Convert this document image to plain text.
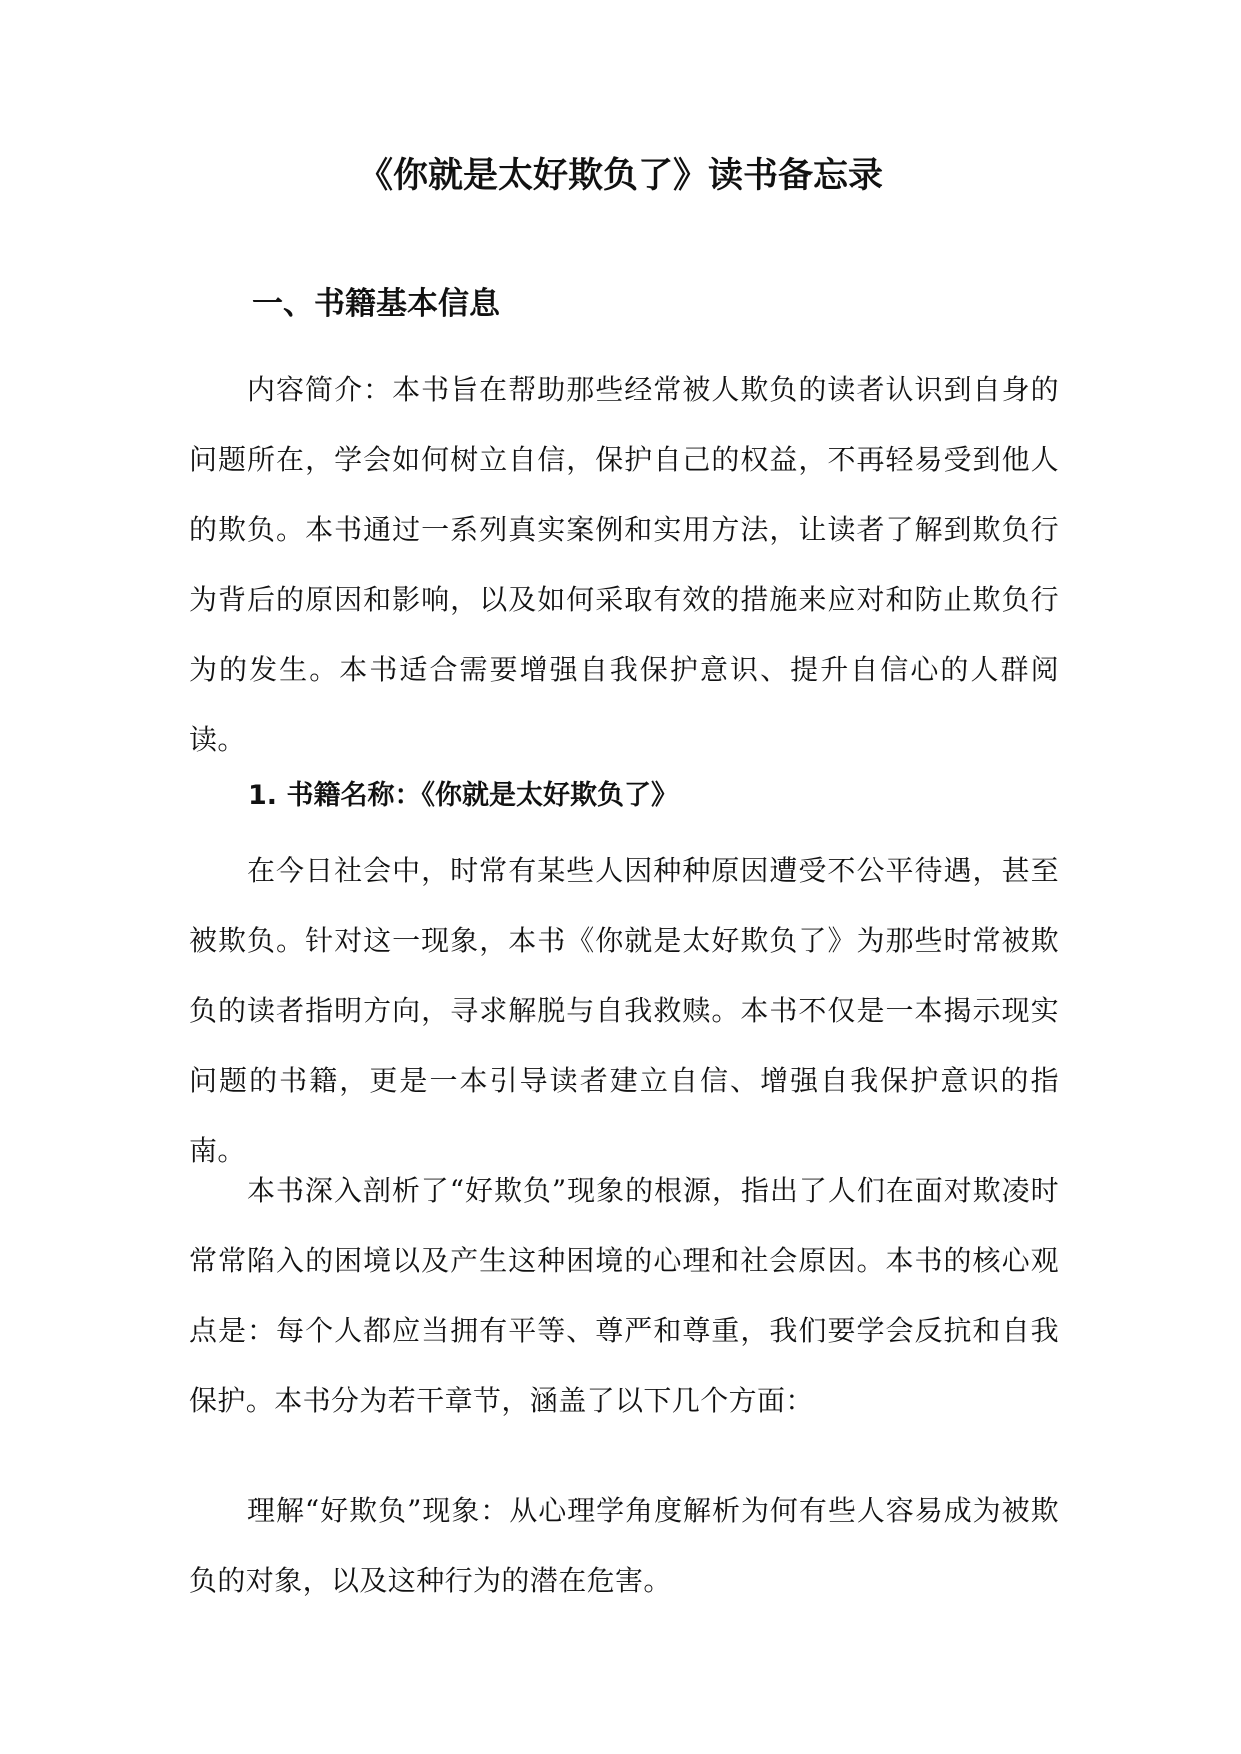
《你就是太好欺负了》读书备忘录
一、书籍基本信息

内容简介：本书旨在帮助那些经常被人欺负的读者认识到自身的问题所在，学会如何树立自信，保护自己的权益，不再轻易受到他人的欺负。本书通过一系列真实案例和实用方法，让读者了解到欺负行为背后的原因和影响，以及如何采取有效的措施来应对和防止欺负行为的发生。本书适合需要增强自我保护意识、提升自信心的人群阅读。

1. 书籍名称：《你就是太好欺负了》

在今日社会中，时常有某些人因种种原因遭受不公平待遇，甚至被欺负。针对这一现象，本书《你就是太好欺负了》为那些时常被欺负的读者指明方向，寻求解脱与自我救赎。本书不仅是一本揭示现实问题的书籍，更是一本引导读者建立自信、增强自我保护意识的指南。

本书深入剖析了“好欺负”现象的根源，指出了人们在面对欺凌时常常陷入的困境以及产生这种困境的心理和社会原因。本书的核心观点是：每个人都应当拥有平等、尊严和尊重，我们要学会反抗和自我保护。本书分为若干章节，涵盖了以下几个方面：

理解“好欺负”现象：从心理学角度解析为何有些人容易成为被欺负的对象，以及这种行为的潜在危害。
